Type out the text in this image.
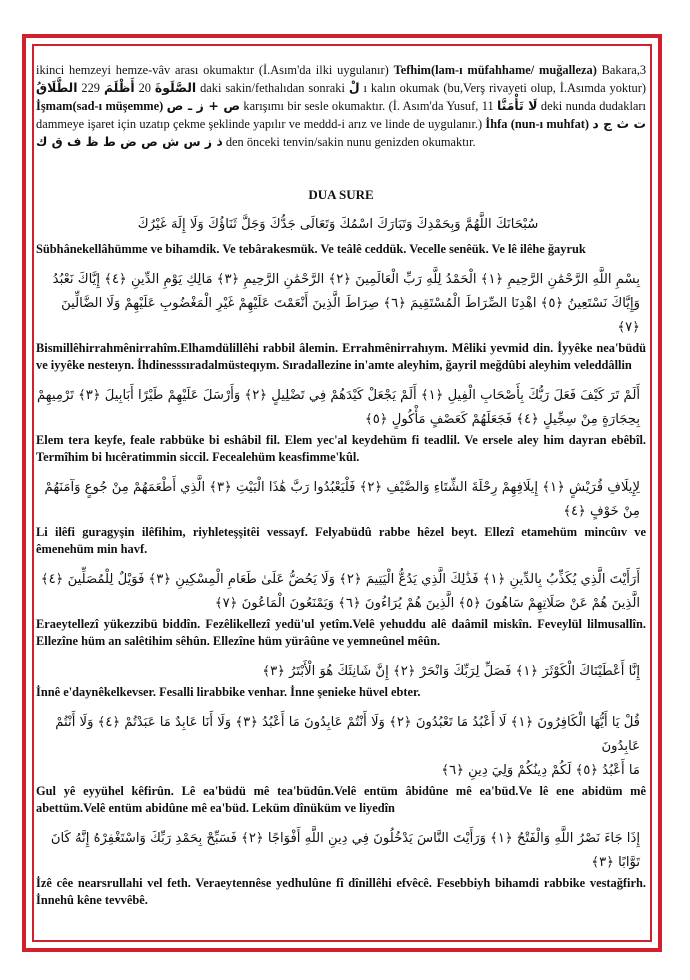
ikinci hemzeyi hemze-vâv arası okumaktır (İ.Asım'da ilki uygulanır) Tefhim(lam-ı müfahhame/ muğalleza) Bakara,3 الصَّلَوةَ 20 أَظْلَمَ 229 الطَّلَاقُ	daki sakin/fethalıdan sonraki لْ ı kalın okumak (bu,Verş rivayeti olup, İ.Asımda yoktur) İşmam(sad-ı müşemme) ص + ز ـ ص karışımı bir sesle okumaktır. (İ. Asım'da Yusuf, 11 لَا تَأْمَنَّا deki nunda dudakları dammeye işaret için uzatıp çekme şeklinde yapılır ve meddd-i arız ve linde de uygulanır.) İhfa (nun-ı muhfat) ت ث ج د ذ ز س ش ص ض ط ظ ف ق ك den önceki tenvin/sakin nunu genizden okumaktır.

DUA SURE

سُبْحَانَكَ اللَّهُمَّ وَبِحَمْدِكَ وَتَبَارَكَ اسْمُكَ وَتَعَالَى جَدُّكَ وَجَلَّ ثَنَاؤُكَ وَلَا إِلَهَ غَيْرُكَ

Sübhânekellâhümme ve bihamdik. Ve tebârakesmük. Ve teâlê ceddük. Vecelle senêük. Ve lê ilêhe ğayruk

بِسْمِ اللَّهِ الرَّحْمَٰنِ الرَّحِيمِ ﴿١﴾ الْحَمْدُ لِلَّهِ رَبِّ الْعَالَمِينَ ﴿٢﴾ الرَّحْمَٰنِ الرَّحِيمِ ﴿٣﴾ مَالِكِ يَوْمِ الدِّينِ ﴿٤﴾ إِيَّاكَ نَعْبُدُ

وَإِيَّاكَ نَسْتَعِينُ ﴿٥﴾ اهْدِنَا الصِّرَاطَ الْمُسْتَقِيمَ ﴿٦﴾ صِرَاطَ الَّذِينَ أَنْعَمْتَ عَلَيْهِمْ غَيْرِ الْمَغْضُوبِ عَلَيْهِمْ وَلَا الضَّالِّينَ ﴿٧﴾

Bismillêhirrahmênirrahîm.Elhamdülillêhi rabbil âlemin. Errahmênirrahıym. Mêliki yevmid din. İyyêke nea'büdü ve iyyêke nesteıyn. İhdinesssıradalmüsteqıym. Sıradallezine in'amte aleyhim, ğayril meğdûbi aleyhim veleddâllin

أَلَمْ تَرَ كَيْفَ فَعَلَ رَبُّكَ بِأَصْحَابِ الْفِيلِ ﴿١﴾ أَلَمْ يَجْعَلْ كَيْدَهُمْ فِي تَضْلِيلٍ ﴿٢﴾ وَأَرْسَلَ عَلَيْهِمْ طَيْرًا أَبَابِيلَ ﴿٣﴾ تَرْمِيهِمْ

بِحِجَارَةٍ مِنْ سِجِّيلٍ ﴿٤﴾ فَجَعَلَهُمْ كَعَصْفٍ مَأْكُولٍ ﴿٥﴾

Elem tera keyfe, feale rabbüke bi eshâbil fil. Elem yec'al keydehüm fi teadlil. Ve ersele aley him dayran ebêbîl. Termîhim bi hıcêratimmin siccil. Fecealehüm keasfimme'kûl.

لِإِيلَافِ قُرَيْشٍ ﴿١﴾ إِيلَافِهِمْ رِحْلَةَ الشِّتَاءِ وَالصَّيْفِ ﴿٢﴾ فَلْيَعْبُدُوا رَبَّ هَٰذَا الْبَيْتِ ﴿٣﴾ الَّذِي أَطْعَمَهُمْ مِنْ جُوعٍ وَآمَنَهُمْ مِنْ خَوْفٍ ﴿٤﴾

Li ilêfi guragyşin ilêfihim, riyhleteşşitêi vessayf. Felyabüdû rabbe hêzel beyt. Ellezî etamehüm mincûıv ve êmenehüm min havf.

أَرَأَيْتَ الَّذِي يُكَذِّبُ بِالدِّينِ ﴿١﴾ فَذَٰلِكَ الَّذِي يَدُعُّ الْيَتِيمَ ﴿٢﴾ وَلَا يَحُضُّ عَلَىٰ طَعَامِ الْمِسْكِينِ ﴿٣﴾ فَوَيْلٌ لِلْمُصَلِّينَ ﴿٤﴾

الَّذِينَ هُمْ عَنْ صَلَاتِهِمْ سَاهُونَ ﴿٥﴾ الَّذِينَ هُمْ يُرَاءُونَ ﴿٦﴾ وَيَمْنَعُونَ الْمَاعُونَ ﴿٧﴾

Eraeytellezî yükezzibü biddîn. Fezêlikellezî yedü'ul yetîm.Velê yehuddu alê daâmil miskîn. Feveylül lilmusallîn. Ellezîne hüm an salêtihim sêhûn. Ellezîne hüm yürâûne ve yemneûnel mêûn.

إِنَّا أَعْطَيْنَاكَ الْكَوْثَرَ ﴿١﴾ فَصَلِّ لِرَبِّكَ وَانْحَرْ ﴿٢﴾ إِنَّ شَانِئَكَ هُوَ الْأَبْتَرُ ﴿٣﴾

İnnê e'daynêkelkevser. Fesalli lirabbike venhar. İnne şenieke hüvel ebter.

قُلْ يَا أَيُّهَا الْكَافِرُونَ ﴿١﴾ لَا أَعْبُدُ مَا تَعْبُدُونَ ﴿٢﴾ وَلَا أَنْتُمْ عَابِدُونَ مَا أَعْبُدُ ﴿٣﴾ وَلَا أَنَا عَابِدٌ مَا عَبَدْتُمْ ﴿٤﴾ وَلَا أَنْتُمْ عَابِدُونَ

مَا أَعْبُدُ ﴿٥﴾ لَكُمْ دِينُكُمْ وَلِيَ دِينِ ﴿٦﴾

Gul yê eyyühel kêfirûn. Lê ea'büdü mê tea'büdûn.Velê entüm âbidûne mê ea'büd.Ve lê ene abidüm mê abettüm.Velê entüm abidûne mê ea'büd. Leküm dînüküm ve liyedîn

إِذَا جَاءَ نَصْرُ اللَّهِ وَالْفَتْحُ ﴿١﴾ وَرَأَيْتَ النَّاسَ يَدْخُلُونَ فِي دِينِ اللَّهِ أَفْوَاجًا ﴿٢﴾ فَسَبِّحْ بِحَمْدِ رَبِّكَ وَاسْتَغْفِرْهُ إِنَّهُ كَانَ تَوَّابًا ﴿٣﴾

İzê cêe nearsrullahi vel feth. Veraeytennêse yedhulûne fî dînillêhi efvêcê. Fesebbiyh bihamdi rabbike vestağfirh. İnnehû kêne tevvêbê.
